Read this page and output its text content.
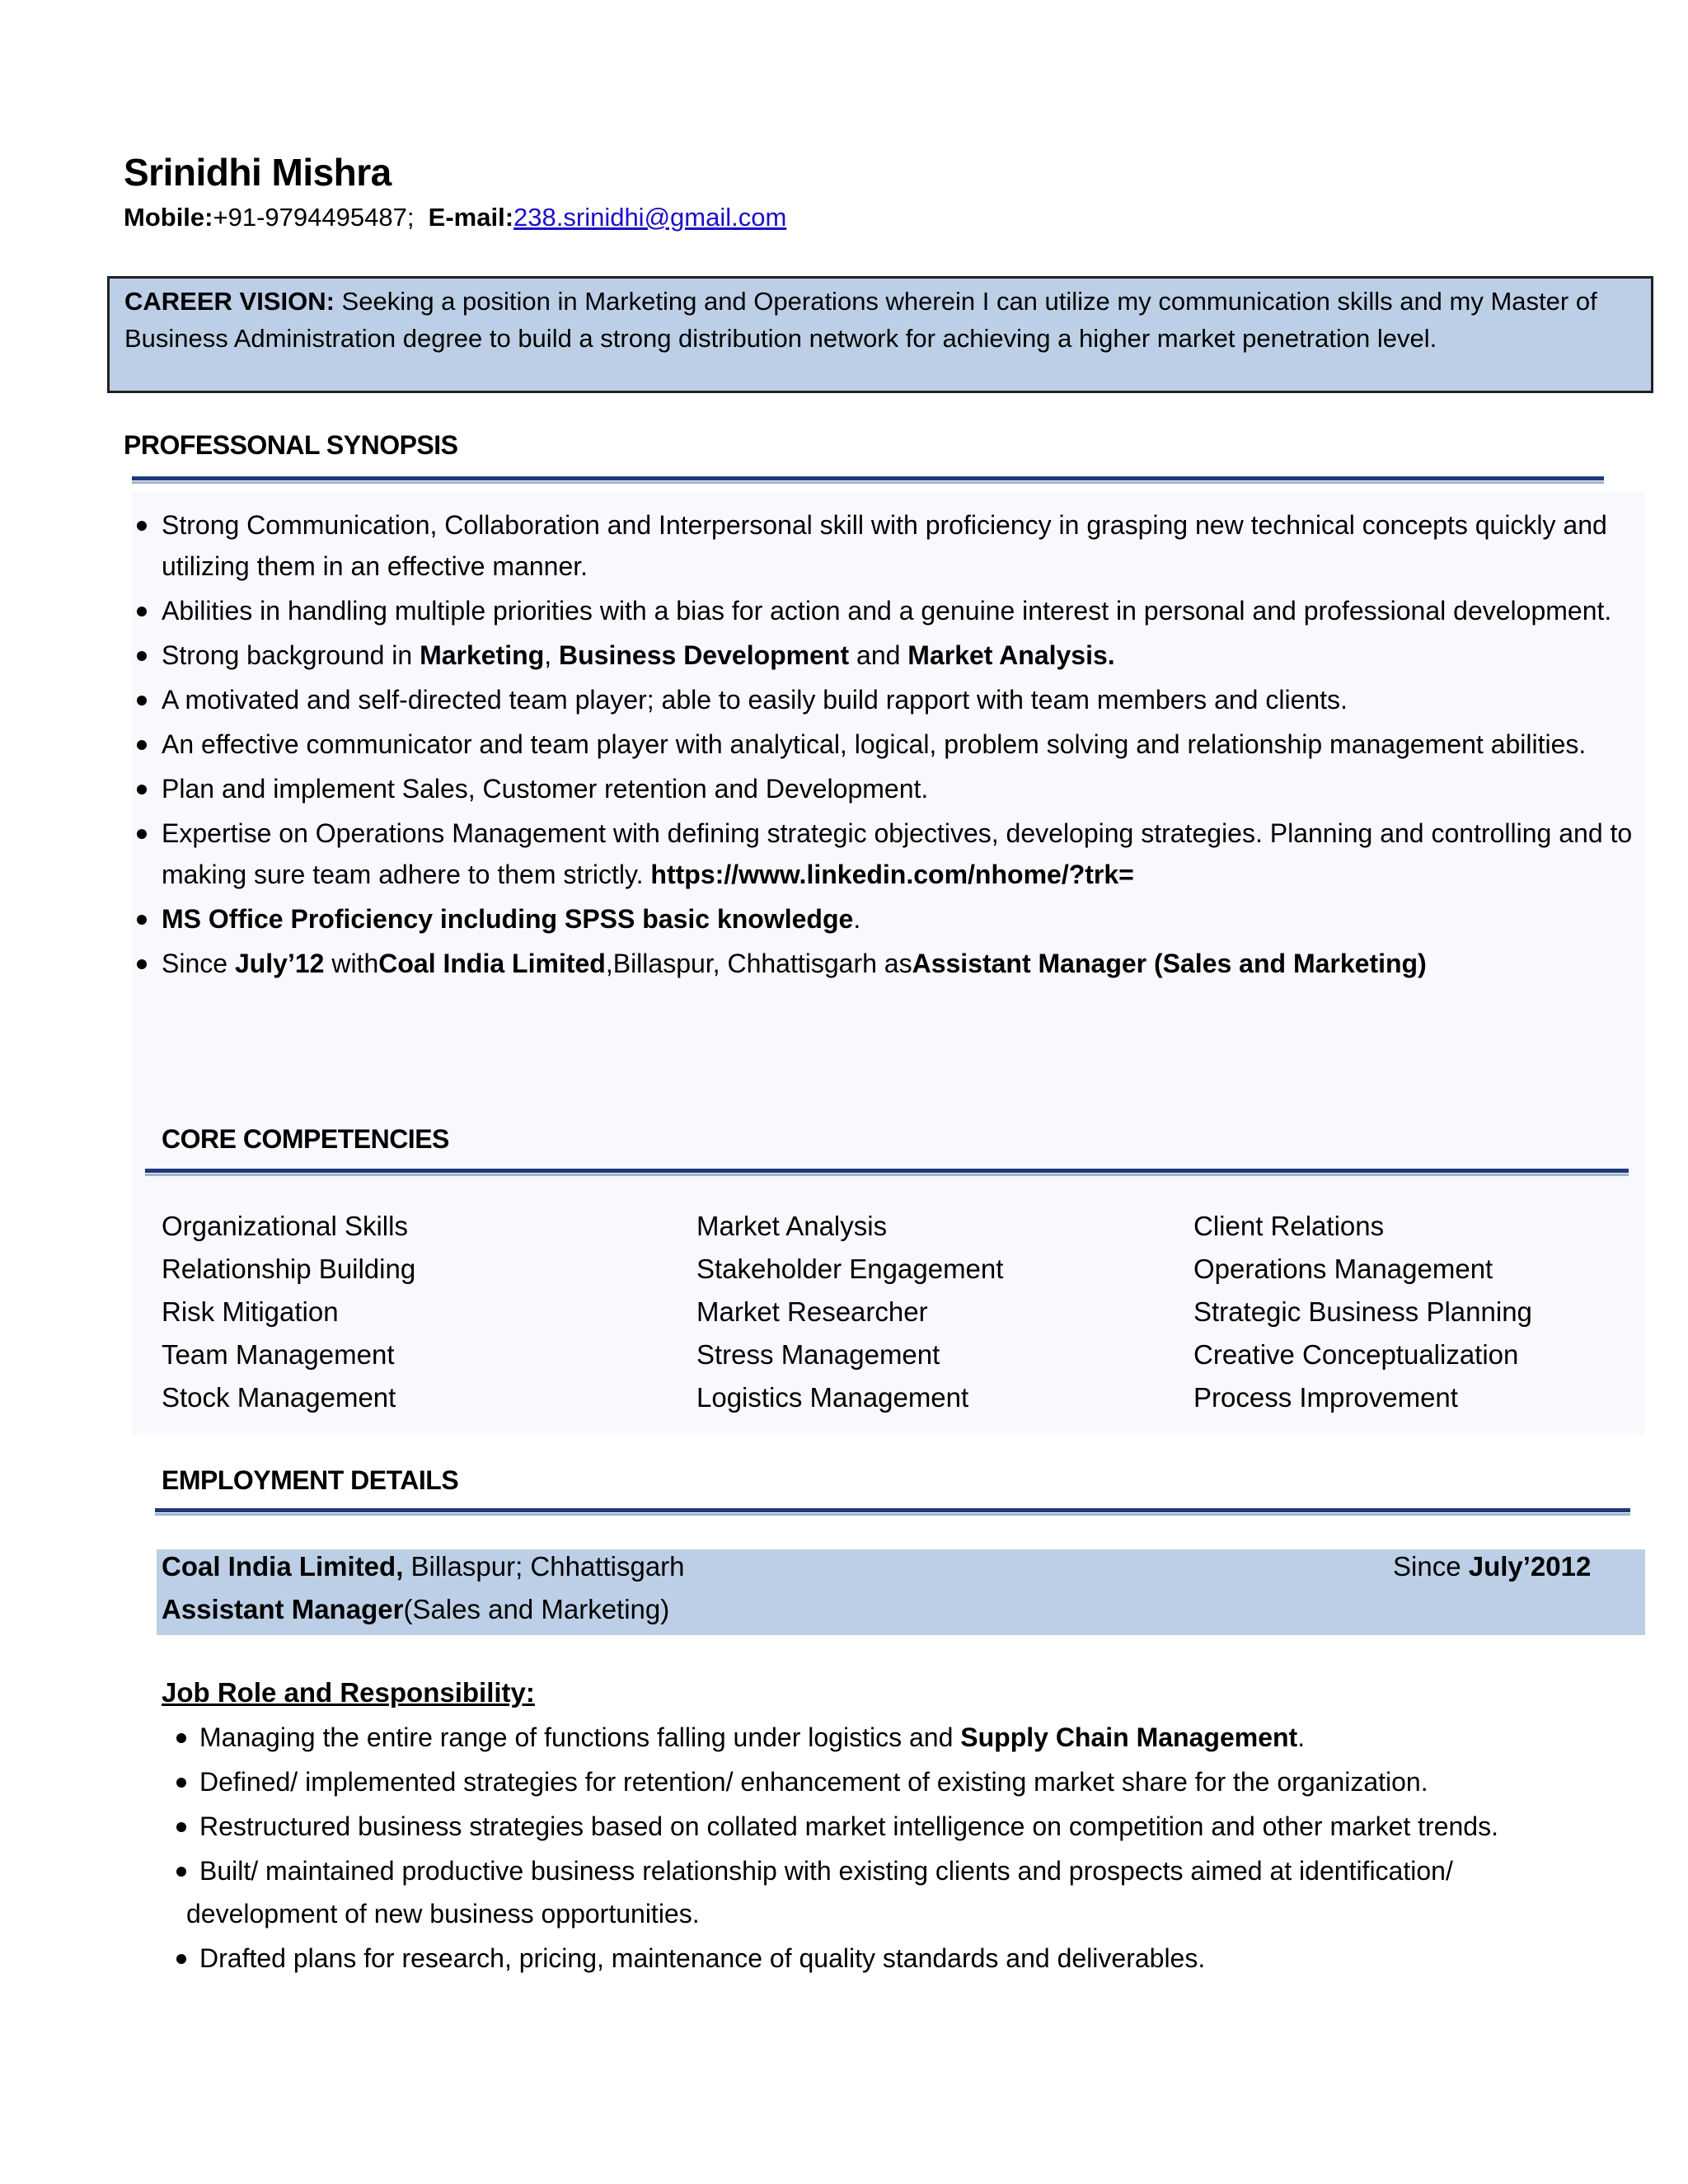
Srinidhi Mishra
Mobile:+91-9794495487; E-mail:238.srinidhi@gmail.com
CAREER VISION: Seeking a position in Marketing and Operations wherein I can utilize my communication skills and my Master of Business Administration degree to build a strong distribution network for achieving a higher market penetration level.
PROFESSONAL SYNOPSIS
Strong Communication, Collaboration and Interpersonal skill with proficiency in grasping new technical concepts quickly and utilizing them in an effective manner.
Abilities in handling multiple priorities with a bias for action and a genuine interest in personal and professional development.
Strong background in Marketing, Business Development and Market Analysis.
A motivated and self-directed team player; able to easily build rapport with team members and clients.
An effective communicator and team player with analytical, logical, problem solving and relationship management abilities.
Plan and implement Sales, Customer retention and Development.
Expertise on Operations Management with defining strategic objectives, developing strategies. Planning and controlling and to making sure team adhere to them strictly. https://www.linkedin.com/nhome/?trk=
MS Office Proficiency including SPSS basic knowledge.
Since July’12 withCoal India Limited,Billaspur, Chhattisgarh asAssistant Manager (Sales and Marketing)
CORE COMPETENCIES
Organizational Skills
Relationship Building
Risk Mitigation
Team Management
Stock Management
Market Analysis
Stakeholder Engagement
Market Researcher
Stress Management
Logistics Management
Client Relations
Operations Management
Strategic Business Planning
Creative Conceptualization
Process Improvement
EMPLOYMENT DETAILS
Coal India Limited, Billaspur; Chhattisgarh	Since July’2012
Assistant Manager(Sales and Marketing)
Job Role and Responsibility:
Managing the entire range of functions falling under logistics and Supply Chain Management.
Defined/ implemented strategies for retention/ enhancement of existing market share for the organization.
Restructured business strategies based on collated market intelligence on competition and other market trends.
Built/ maintained productive business relationship with existing clients and prospects aimed at identification/
development of new business opportunities.
Drafted plans for research, pricing, maintenance of quality standards and deliverables.
